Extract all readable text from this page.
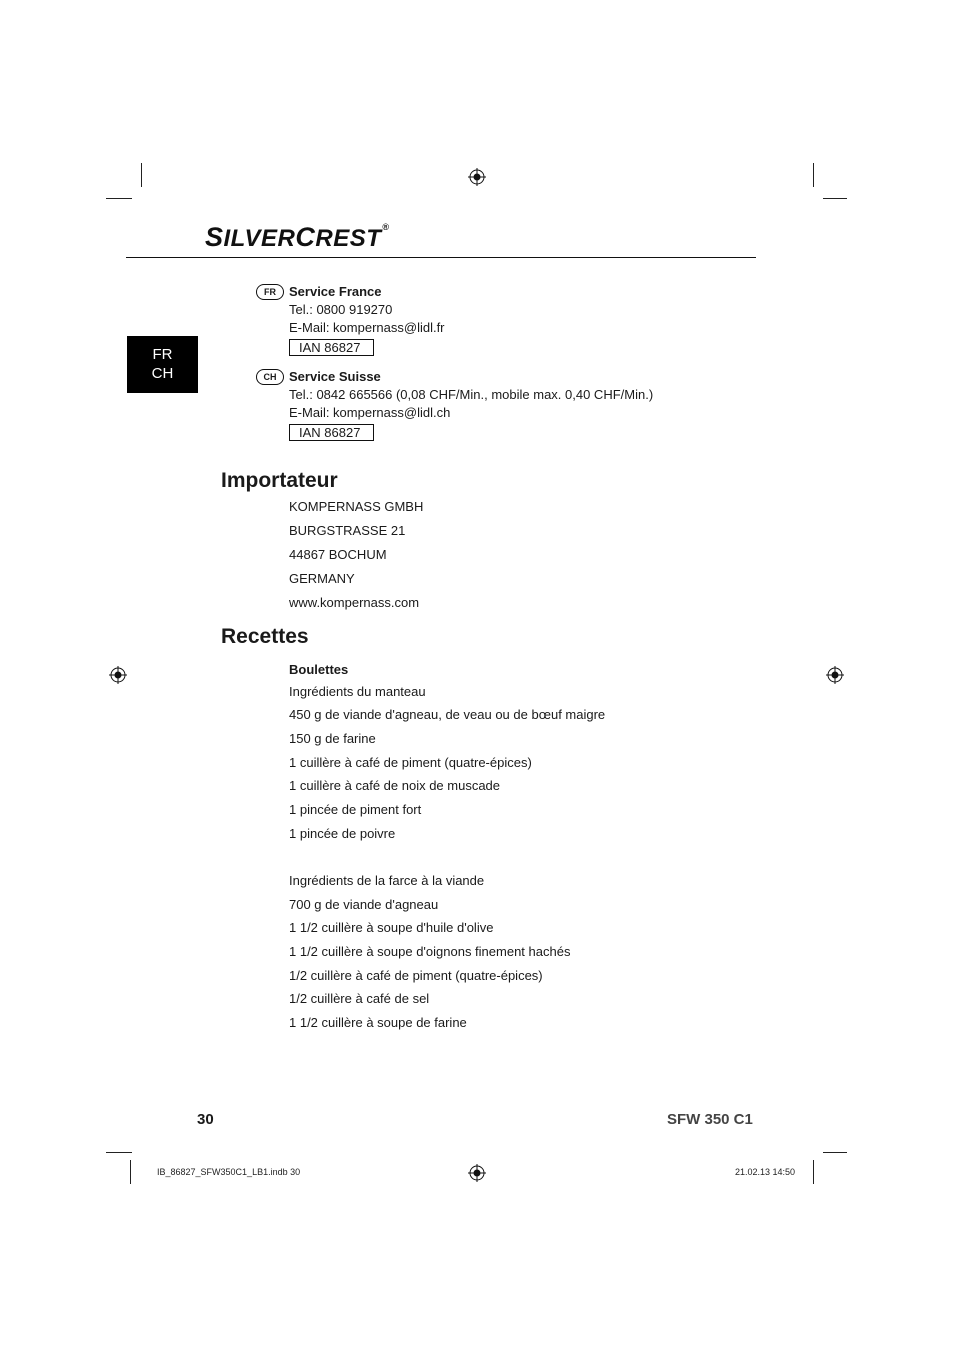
SILVERCREST®
FR
CH
FR	Service France
Tel.: 0800 919270
E-Mail: kompernass@lidl.fr
IAN 86827
CH Service Suisse
Tel.: 0842 665566 (0,08 CHF/Min., mobile max. 0,40 CHF/Min.)
E-Mail: kompernass@lidl.ch
IAN 86827
Importateur
KOMPERNASS GMBH
BURGSTRASSE 21
44867 BOCHUM
GERMANY
www.kompernass.com
Recettes
Boulettes
Ingrédients du manteau
450 g de viande d'agneau, de veau ou de bœuf maigre
150 g de farine
1 cuillère à café de piment (quatre-épices)
1 cuillère à café de noix de muscade
1 pincée de piment fort
1 pincée de poivre
Ingrédients de la farce à la viande
700 g de viande d'agneau
1 1/2 cuillère à soupe d'huile d'olive
1 1/2 cuillère à soupe d'oignons finement hachés
1/2 cuillère à café de piment (quatre-épices)
1/2 cuillère à café de sel
1 1/2 cuillère à soupe de farine
30	SFW 350 C1
IB_86827_SFW350C1_LB1.indb 30	21.02.13 14:50
